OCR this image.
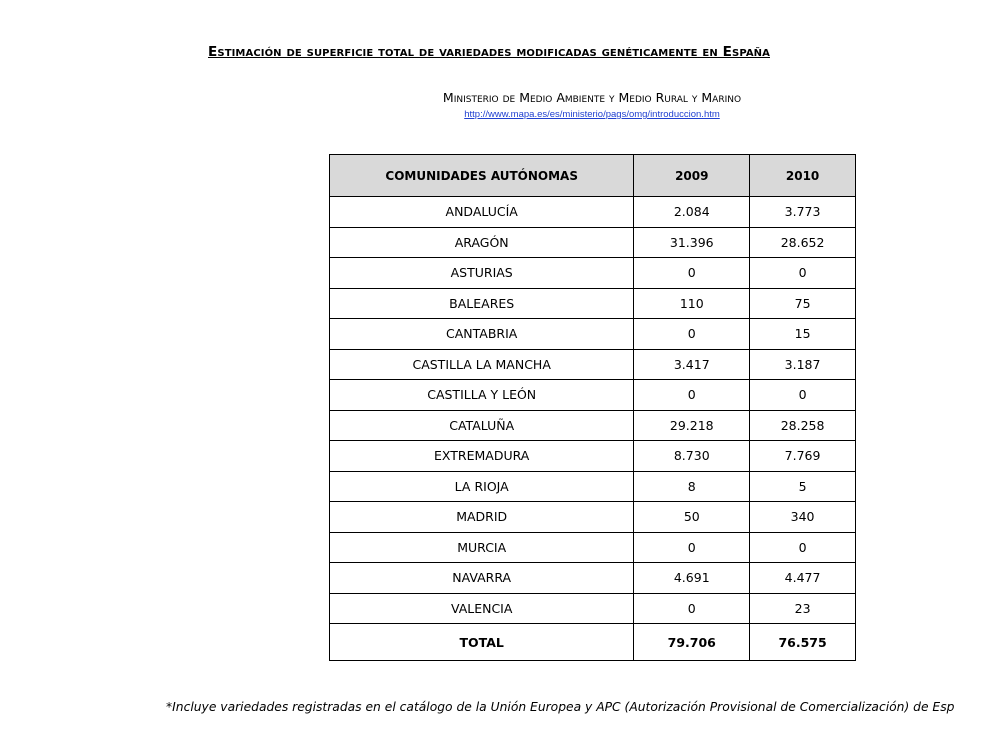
Estimación de superficie total de variedades modificadas genéticamente en España
Ministerio de Medio Ambiente y Medio Rural y Marino
http://www.mapa.es/es/ministerio/pags/omg/introduccion.htm
COMUNIDADES AUTÓNOMAS	2009	2010
ANDALUCÍA	2.084	3.773
ARAGÓN	31.396	28.652
ASTURIAS	0	0
BALEARES	110	75
CANTABRIA	0	15
CASTILLA LA MANCHA	3.417	3.187
CASTILLA Y LEÓN	0	0
CATALUÑA	29.218	28.258
EXTREMADURA	8.730	7.769
LA RIOJA	8	5
MADRID	50	340
MURCIA	0	0
NAVARRA	4.691	4.477
VALENCIA	0	23
TOTAL	79.706	76.575
*Incluye variedades registradas en el catálogo de la Unión Europea y APC (Autorización Provisional de Comercialización) de Esp
